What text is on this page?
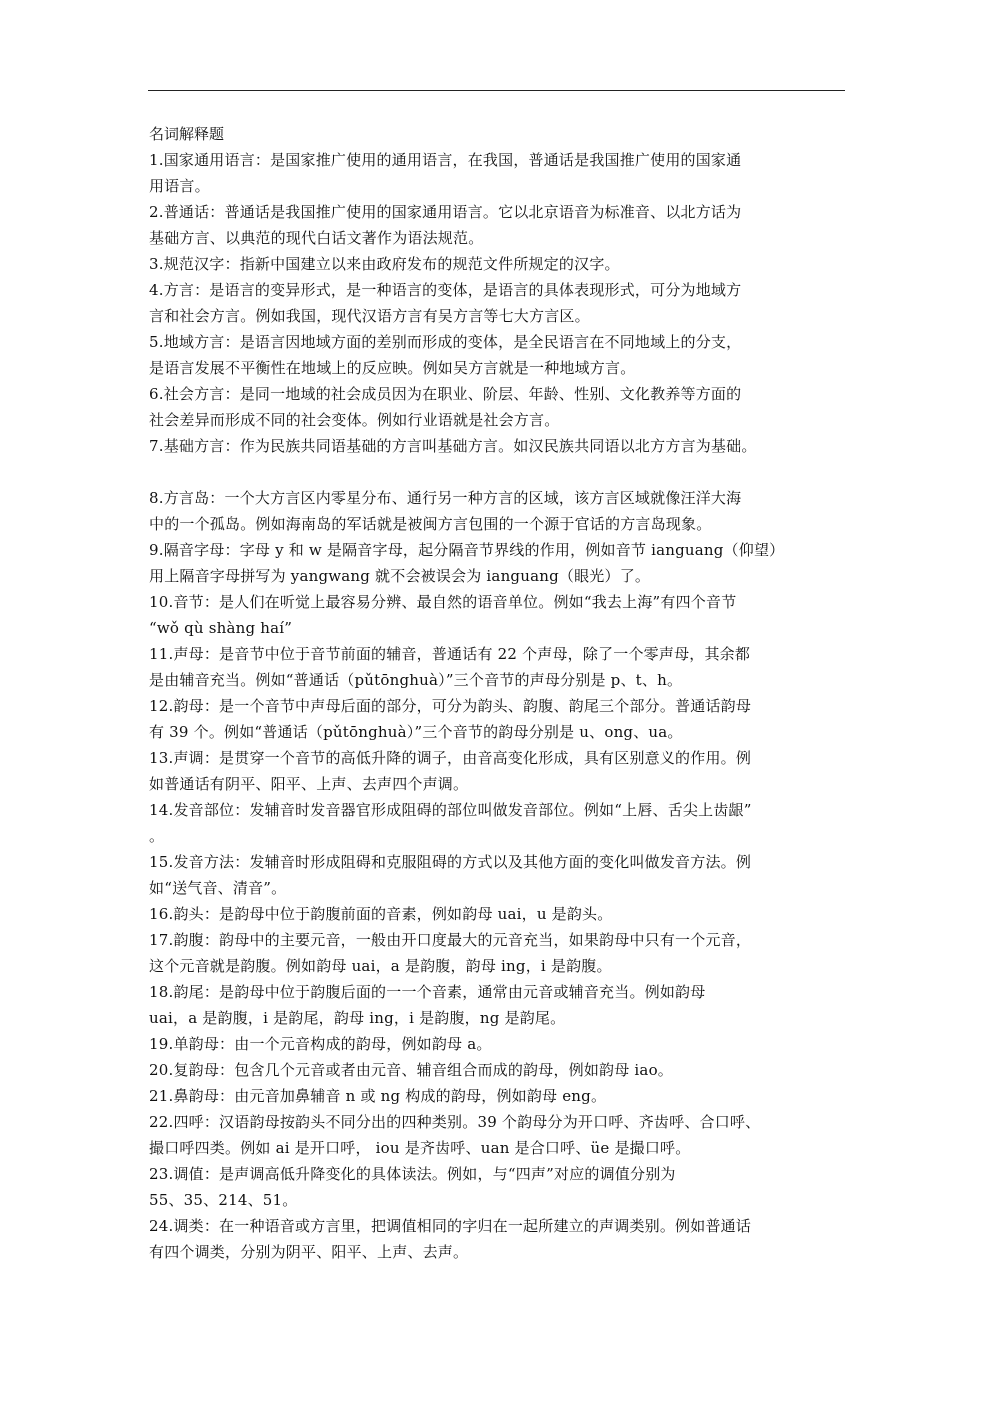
名词解释题

1.国家通用语言：是国家推广使用的通用语言，在我国，普通话是我国推广使用的国家通

用语言。

2.普通话：普通话是我国推广使用的国家通用语言。它以北京语音为标准音、以北方话为

基础方言、以典范的现代白话文著作为语法规范。

3.规范汉字：指新中国建立以来由政府发布的规范文件所规定的汉字。

4.方言：是语言的变异形式，是一种语言的变体，是语言的具体表现形式，可分为地域方

言和社会方言。例如我国，现代汉语方言有吴方言等七大方言区。

5.地域方言：是语言因地域方面的差别而形成的变体，是全民语言在不同地域上的分支，

是语言发展不平衡性在地域上的反应映。例如吴方言就是一种地域方言。

6.社会方言：是同一地域的社会成员因为在职业、阶层、年龄、性别、文化教养等方面的

社会差异而形成不同的社会变体。例如行业语就是社会方言。

7.基础方言：作为民族共同语基础的方言叫基础方言。如汉民族共同语以北方方言为基础。

8.方言岛：一个大方言区内零星分布、通行另一种方言的区域，该方言区域就像汪洋大海

中的一个孤岛。例如海南岛的军话就是被闽方言包围的一个源于官话的方言岛现象。

9.隔音字母：字母 y 和 w 是隔音字母，起分隔音节界线的作用，例如音节 ianguang（仰望）

用上隔音字母拼写为 yangwang 就不会被误会为 ianguang（眼光）了。

10.音节：是人们在听觉上最容易分辨、最自然的语音单位。例如“我去上海”有四个音节

“wǒ qù shàng haí”

11.声母：是音节中位于音节前面的辅音，普通话有 22 个声母，除了一个零声母，其余都

是由辅音充当。例如“普通话（pǔtōnghuà）”三个音节的声母分别是 p、t、h。

12.韵母：是一个音节中声母后面的部分，可分为韵头、韵腹、韵尾三个部分。普通话韵母

有 39 个。例如“普通话（pǔtōnghuà）”三个音节的韵母分别是 u、ong、ua。

13.声调：是贯穿一个音节的高低升降的调子，由音高变化形成，具有区别意义的作用。例

如普通话有阴平、阳平、上声、去声四个声调。

14.发音部位：发辅音时发音器官形成阻碍的部位叫做发音部位。例如“上唇、舌尖上齿龈”

。

15.发音方法：发辅音时形成阻碍和克服阻碍的方式以及其他方面的变化叫做发音方法。例

如“送气音、清音”。

16.韵头：是韵母中位于韵腹前面的音素，例如韵母 uai，u 是韵头。

17.韵腹：韵母中的主要元音，一般由开口度最大的元音充当，如果韵母中只有一个元音，

这个元音就是韵腹。例如韵母 uai，a 是韵腹，韵母 ing，i 是韵腹。

18.韵尾：是韵母中位于韵腹后面的一一个音素，通常由元音或辅音充当。例如韵母

uai，a 是韵腹，i 是韵尾，韵母 ing，i 是韵腹，ng 是韵尾。

19.单韵母：由一个元音构成的韵母，例如韵母 a。

20.复韵母：包含几个元音或者由元音、辅音组合而成的韵母，例如韵母 iao。

21.鼻韵母：由元音加鼻辅音 n 或 ng 构成的韵母，例如韵母 eng。

22.四呼：汉语韵母按韵头不同分出的四种类别。39 个韵母分为开口呼、齐齿呼、合口呼、

撮口呼四类。例如 ai 是开口呼， iou 是齐齿呼、uan 是合口呼、üe 是撮口呼。

23.调值：是声调高低升降变化的具体读法。例如，与“四声”对应的调值分别为

55、35、214、51。

24.调类：在一种语音或方言里，把调值相同的字归在一起所建立的声调类别。例如普通话

有四个调类，分别为阴平、阳平、上声、去声。
